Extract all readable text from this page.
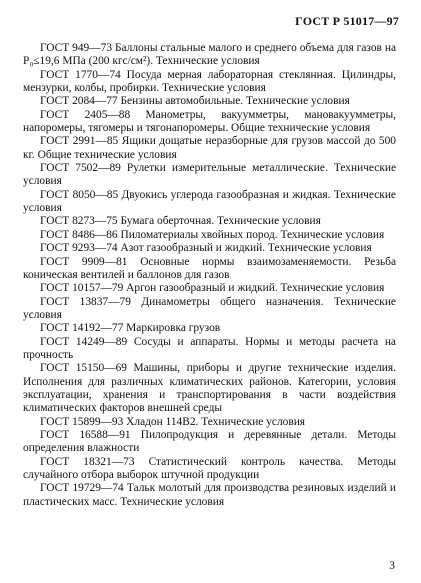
ГОСТ Р 51017—97

ГОСТ 949—73 Баллоны стальные малого и среднего объема для газов на P₀≤19,6 МПа (200 кгс/см²). Технические условия

ГОСТ 1770—74 Посуда мерная лабораторная стеклянная. Цилиндры, мензурки, колбы, пробирки. Технические условия

ГОСТ 2084—77 Бензины автомобильные. Технические условия

ГОСТ 2405—88 Манометры, вакуумметры, мановакуумметры, напоромеры, тягомеры и тягонапоромеры. Общие технические условия

ГОСТ 2991—85 Ящики дощатые неразборные для грузов массой до 500 кг. Общие технические условия

ГОСТ 7502—89 Рулетки измерительные металлические. Технические условия

ГОСТ 8050—85 Двуокись углерода газообразная и жидкая. Технические условия

ГОСТ 8273—75 Бумага оберточная. Технические условия

ГОСТ 8486—86 Пиломатериалы хвойных пород. Технические условия

ГОСТ 9293—74 Азот газообразный и жидкий. Технические условия

ГОСТ 9909—81 Основные нормы взаимозаменяемости. Резьба коническая вентилей и баллонов для газов

ГОСТ 10157—79 Аргон газообразный и жидкий. Технические условия

ГОСТ 13837—79 Динамометры общего назначения. Технические условия

ГОСТ 14192—77 Маркировка грузов

ГОСТ 14249—89 Сосуды и аппараты. Нормы и методы расчета на прочность

ГОСТ 15150—69 Машины, приборы и другие технические изделия. Исполнения для различных климатических районов. Категории, условия эксплуатации, хранения и транспортирования в части воздействия климатических факторов внешней среды

ГОСТ 15899—93 Хладон 114В2. Технические условия

ГОСТ 16588—91 Пилопродукция и деревянные детали. Методы определения влажности

ГОСТ 18321—73 Статистический контроль качества. Методы случайного отбора выборок штучной продукции

ГОСТ 19729—74 Тальк молотый для производства резиновых изделий и пластических масс. Технические условия

3
